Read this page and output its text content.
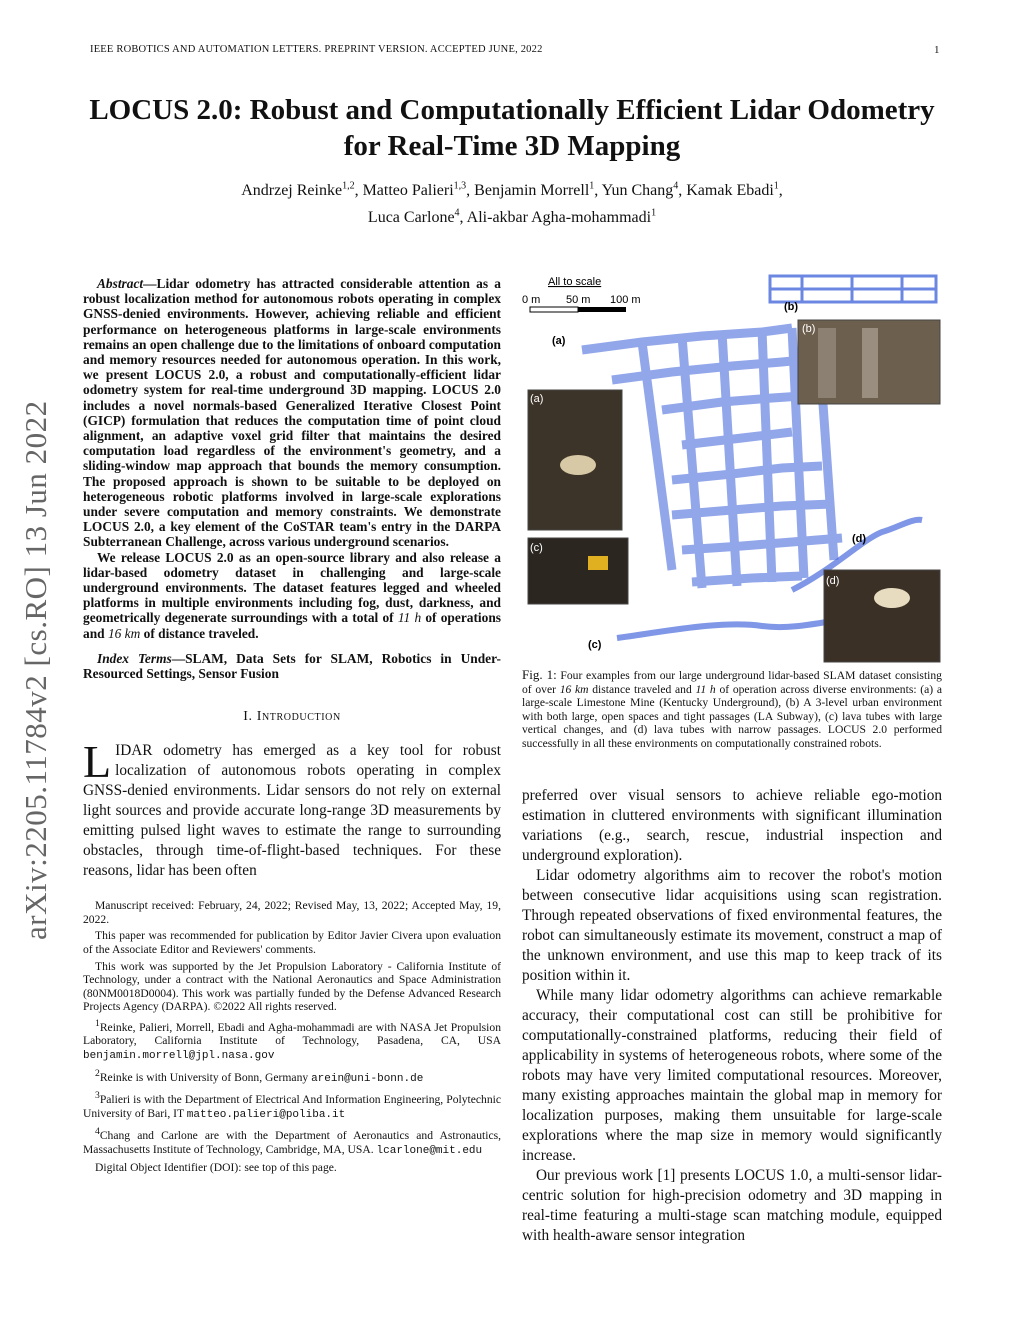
IEEE ROBOTICS AND AUTOMATION LETTERS. PREPRINT VERSION. ACCEPTED JUNE, 2022	1
LOCUS 2.0: Robust and Computationally Efficient Lidar Odometry
for Real-Time 3D Mapping
Andrzej Reinke$^{1,2}$, Matteo Palieri$^{1,3}$, Benjamin Morrell$^1$, Yun Chang$^4$, Kamak Ebadi$^1$,
Luca Carlone$^4$, Ali-akbar Agha-mohammadi$^1$
arXiv:2205.11784v2 [cs.RO] 13 Jun 2022

Abstract—Lidar odometry has attracted considerable attention as a robust localization method for autonomous robots operating in complex GNSS-denied environments. However, achieving reliable and efficient performance on heterogeneous platforms in large-scale environments remains an open challenge due to the limitations of onboard computation and memory resources needed for autonomous operation. In this work, we present LOCUS 2.0, a robust and computationally-efficient lidar odometry system for real-time underground 3D mapping. LOCUS 2.0 includes a novel normals-based Generalized Iterative Closest Point (GICP) formulation that reduces the computation time of point cloud alignment, an adaptive voxel grid filter that maintains the desired computation load regardless of the environment's geometry, and a sliding-window map approach that bounds the memory consumption. The proposed approach is shown to be suitable to be deployed on heterogeneous robotic platforms involved in large-scale explorations under severe computation and memory constraints. We demonstrate LOCUS 2.0, a key element of the CoSTAR team's entry in the DARPA Subterranean Challenge, across various underground scenarios.

We release LOCUS 2.0 as an open-source library and also release a lidar-based odometry dataset in challenging and large-scale underground environments. The dataset features legged and wheeled platforms in multiple environments including fog, dust, darkness, and geometrically degenerate surroundings with a total of 11 h of operations and 16 km of distance traveled.

Index Terms—SLAM, Data Sets for SLAM, Robotics in Under-Resourced Settings, Sensor Fusion

I. Introduction

LIDAR odometry has emerged as a key tool for robust localization of autonomous robots operating in complex GNSS-denied environments. Lidar sensors do not rely on external light sources and provide accurate long-range 3D measurements by emitting pulsed light waves to estimate the range to surrounding obstacles, through time-of-flight-based techniques. For these reasons, lidar has been often

Manuscript received: February, 24, 2022; Revised May, 13, 2022; Accepted May, 19, 2022.

This paper was recommended for publication by Editor Javier Civera upon evaluation of the Associate Editor and Reviewers' comments.

This work was supported by the Jet Propulsion Laboratory - California Institute of Technology, under a contract with the National Aeronautics and Space Administration (80NM0018D0004). This work was partially funded by the Defense Advanced Research Projects Agency (DARPA). ©2022 All rights reserved.

$^1$Reinke, Palieri, Morrell, Ebadi and Agha-mohammadi are with NASA Jet Propulsion Laboratory, California Institute of Technology, Pasadena, CA, USA benjamin.morrell@jpl.nasa.gov

$^2$Reinke is with University of Bonn, Germany arein@uni-bonn.de

$^3$Palieri is with the Department of Electrical And Information Engineering, Polytechnic University of Bari, IT matteo.palieri@poliba.it

$^4$Chang and Carlone are with the Department of Aeronautics and Astronautics, Massachusetts Institute of Technology, Cambridge, MA, USA. lcarlone@mit.edu

Digital Object Identifier (DOI): see top of this page.

All to scale
0 m 50 m 100 m
(a)
(a)
(b)
(b)
(c)
(c)
(d)
(d)
Fig. 1: Four examples from our large underground lidar-based SLAM dataset consisting of over 16 km distance traveled and 11 h of operation across diverse environments: (a) a large-scale Limestone Mine (Kentucky Underground), (b) A 3-level urban environment with both large, open spaces and tight passages (LA Subway), (c) lava tubes with large vertical changes, and (d) lava tubes with narrow passages. LOCUS 2.0 performed successfully in all these environments on computationally constrained robots.

preferred over visual sensors to achieve reliable ego-motion estimation in cluttered environments with significant illumination variations (e.g., search, rescue, industrial inspection and underground exploration).

Lidar odometry algorithms aim to recover the robot's motion between consecutive lidar acquisitions using scan registration. Through repeated observations of fixed environmental features, the robot can simultaneously estimate its movement, construct a map of the unknown environment, and use this map to keep track of its position within it.

While many lidar odometry algorithms can achieve remarkable accuracy, their computational cost can still be prohibitive for computationally-constrained platforms, reducing their field of applicability in systems of heterogeneous robots, where some of the robots may have very limited computational resources. Moreover, many existing approaches maintain the global map in memory for localization purposes, making them unsuitable for large-scale explorations where the map size in memory would significantly increase.

Our previous work [1] presents LOCUS 1.0, a multi-sensor lidar-centric solution for high-precision odometry and 3D mapping in real-time featuring a multi-stage scan matching module, equipped with health-aware sensor integration
